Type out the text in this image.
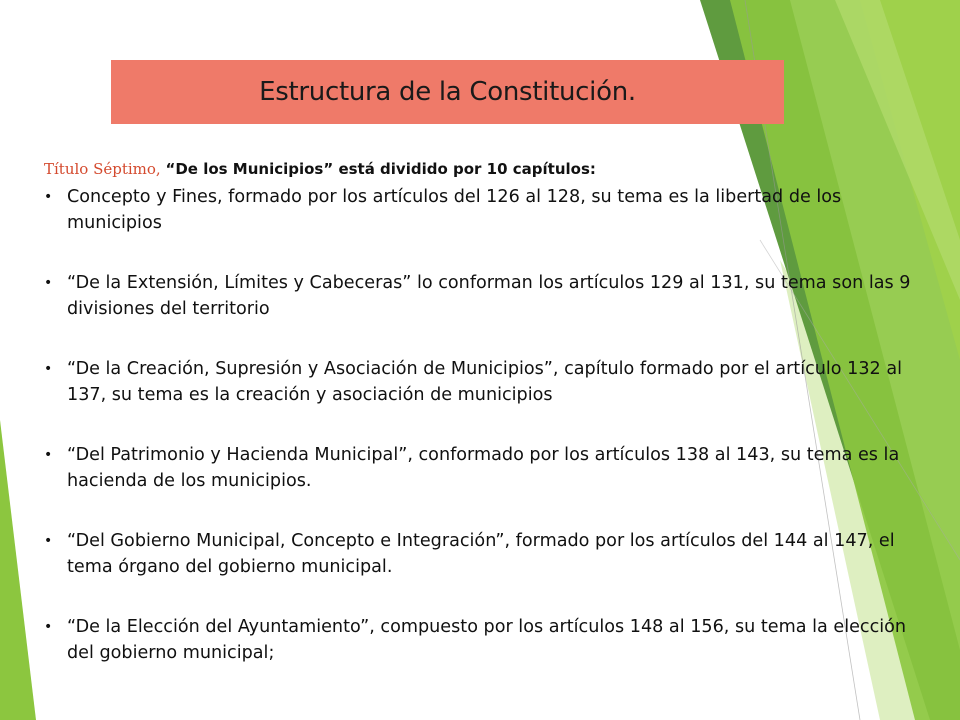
Estructura de la Constitución.
Título Séptimo, “De los Municipios” está dividido por 10 capítulos:
• Concepto y Fines, formado por los artículos del 126 al 128, su tema es la libertad de los municipios
• “De la Extensión, Límites y Cabeceras” lo conforman los artículos 129 al 131, su tema son las 9 divisiones del territorio
• “De la Creación, Supresión y Asociación de Municipios”, capítulo formado por el artículo 132 al 137, su tema es la creación y asociación de municipios
• “Del Patrimonio y Hacienda Municipal”, conformado por los artículos 138 al 143, su tema es la hacienda de los municipios.
• “Del Gobierno Municipal, Concepto e Integración”, formado por los artículos del 144 al 147, el tema órgano del gobierno municipal.
• “De la Elección del Ayuntamiento”, compuesto por los artículos 148 al 156, su tema la elección del gobierno municipal;
